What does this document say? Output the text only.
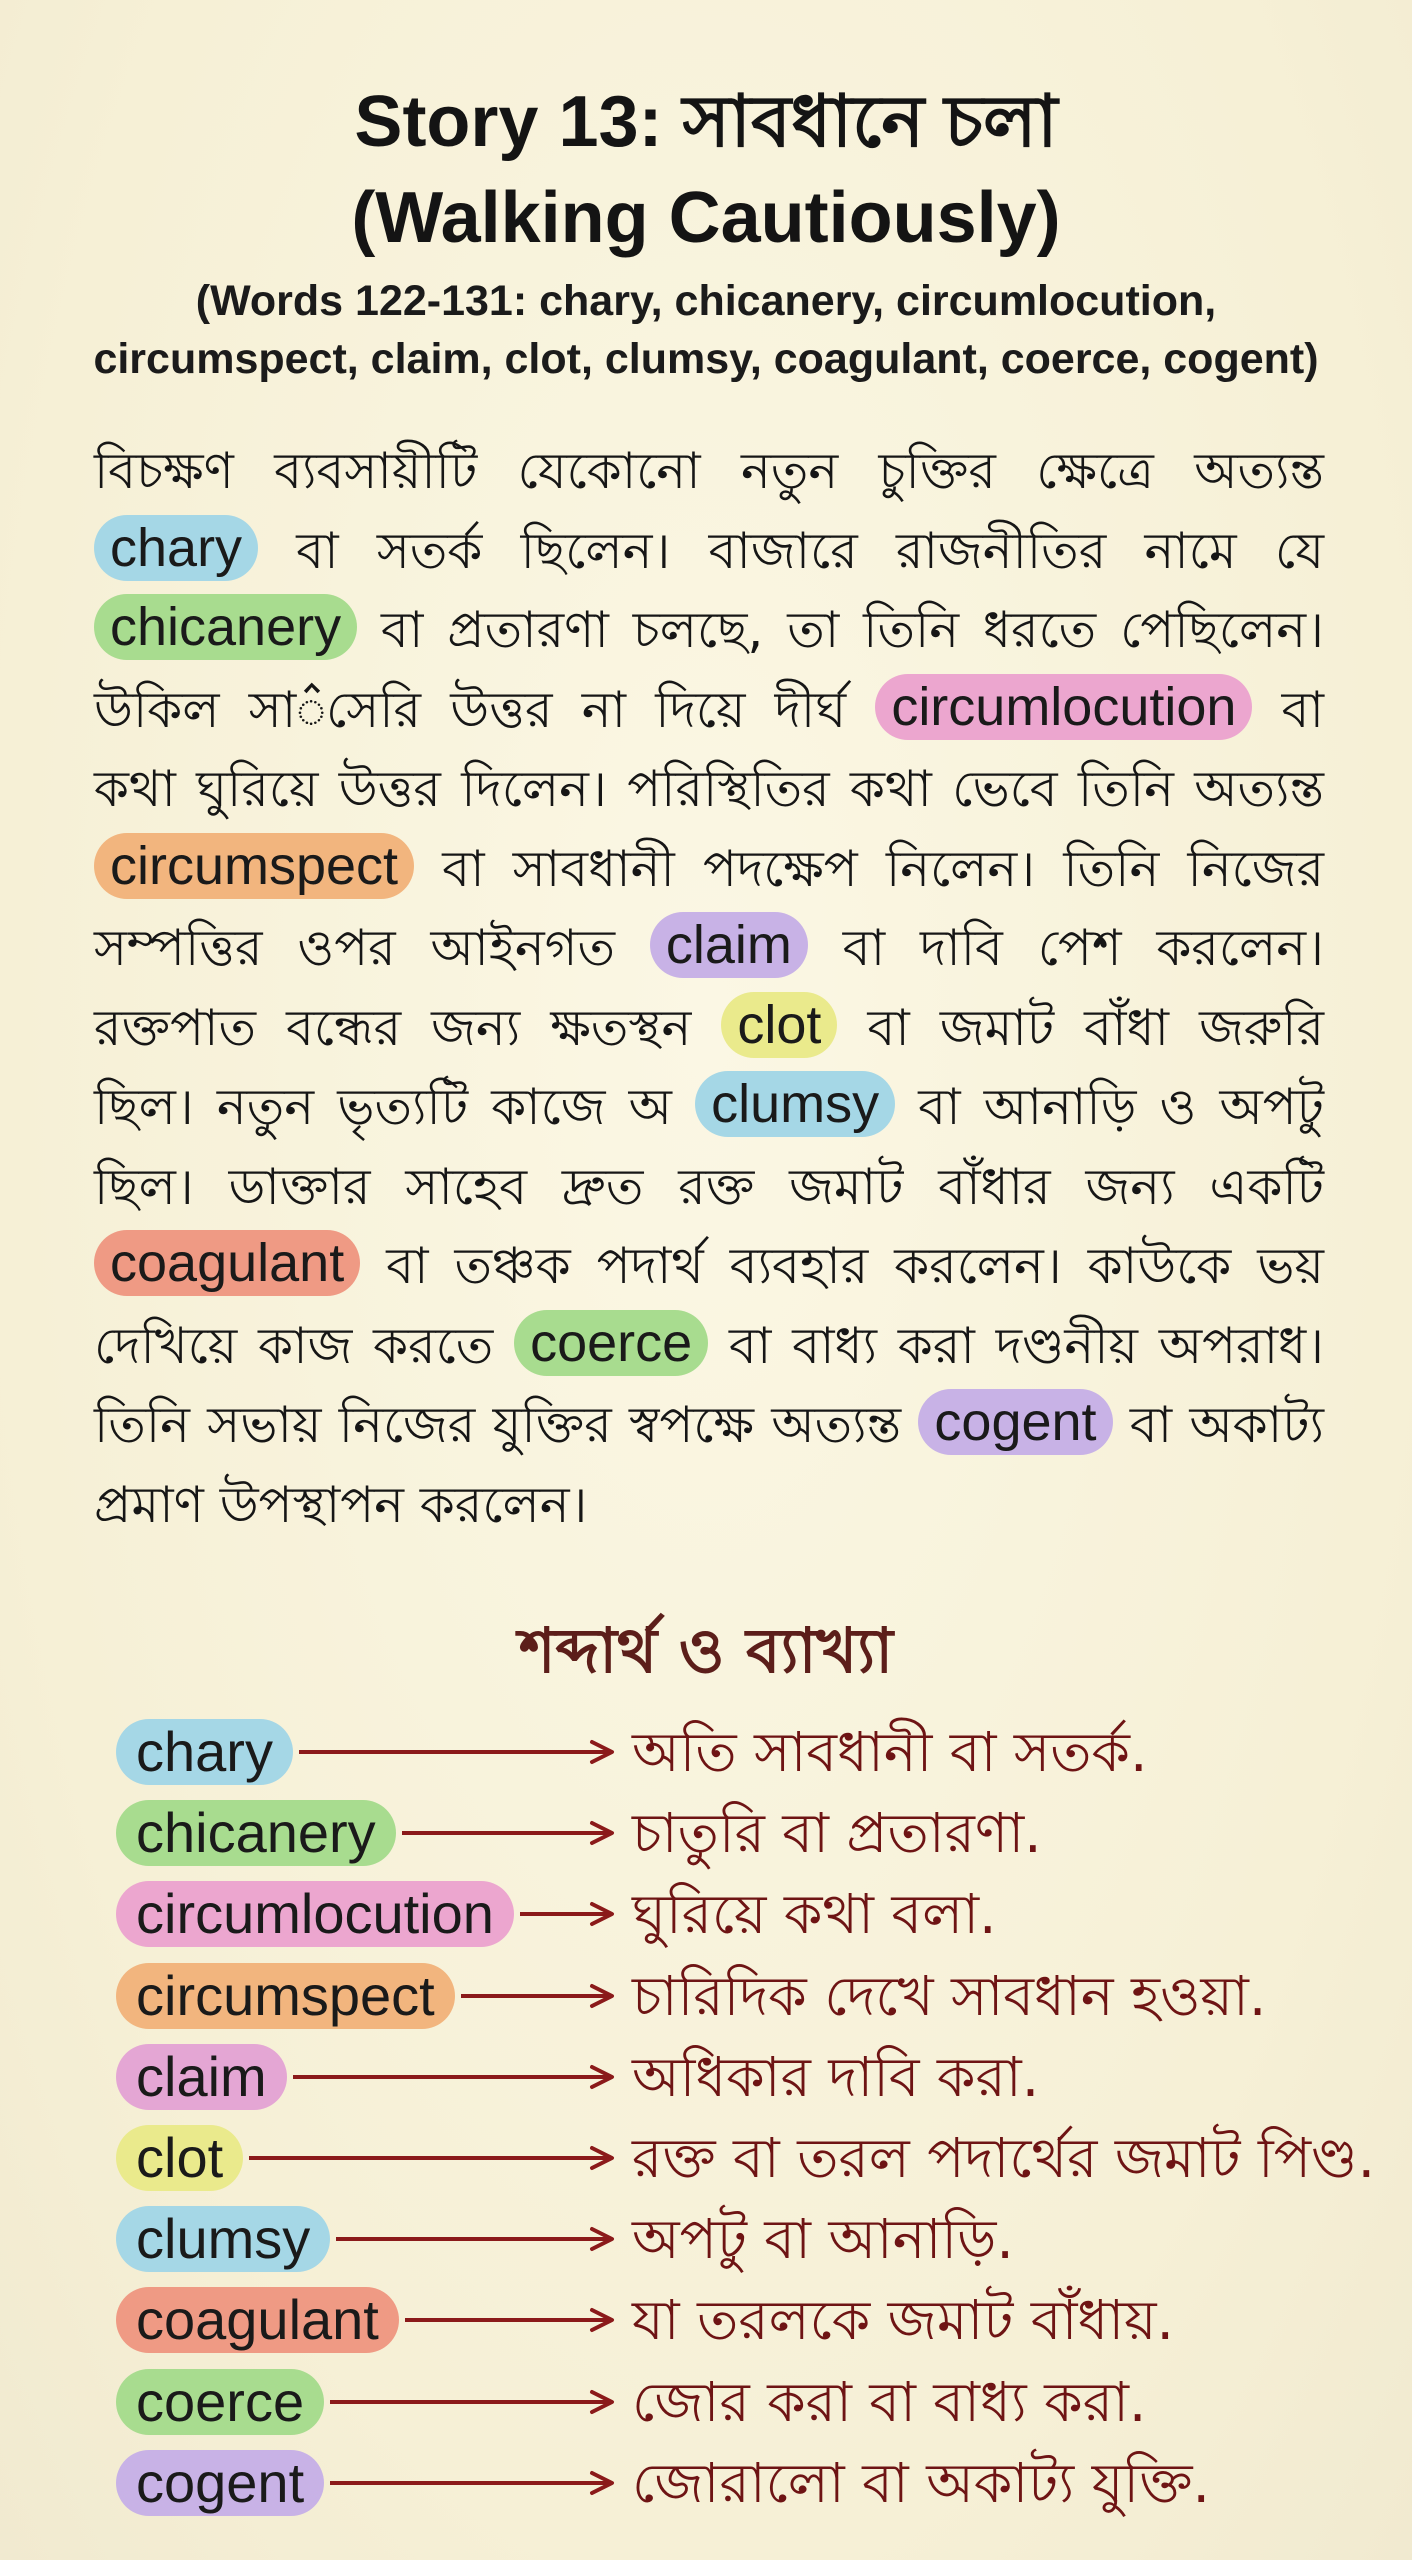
Story 13: সাবধানে চলা
(Walking Cautiously)
(Words 122-131: chary, chicanery, circumlocution,
circumspect, claim, clot, clumsy, coagulant, coerce, cogent)
বিচক্ষণ ব্যবসায়ীটি যেকোনো নতুন চুক্তির ক্ষেত্রে অত্যন্ত chary বা সতর্ক ছিলেন। বাজারে রাজনীতির নামে যে chicanery বা প্রতারণা চলছে, তা তিনি ধরতে পেছিলেন। উকিল সা꠆সেরি উত্তর না দিয়ে দীর্ঘ circumlocution বা কথা ঘুরিয়ে উত্তর দিলেন। পরিস্থিতির কথা ভেবে তিনি অত্যন্ত circumspect বা সাবধানী পদক্ষেপ নিলেন। তিনি নিজের সম্পত্তির ওপর আইনগত claim বা দাবি পেশ করলেন। রক্তপাত বন্ধের জন্য ক্ষতস্থন clot বা জমাট বাঁধা জরুরি ছিল। নতুন ভৃত্যটি কাজে অ clumsy বা আনাড়ি ও অপটু ছিল। ডাক্তার সাহেব দ্রুত রক্ত জমাট বাঁধার জন্য একটি coagulant বা তঞ্চক পদার্থ ব্যবহার করলেন। কাউকে ভয় দেখিয়ে কাজ করতে coerce বা বাধ্য করা দণ্ডনীয় অপরাধ। তিনি সভায় নিজের যুক্তির স্বপক্ষে অত্যন্ত cogent বা অকাট্য প্রমাণ উপস্থাপন করলেন।
শব্দার্থ ও ব্যাখ্যা
chary	অতি সাবধানী বা সতর্ক.
chicanery	চাতুরি বা প্রতারণা.
circumlocution	ঘুরিয়ে কথা বলা.
circumspect	চারিদিক দেখে সাবধান হওয়া.
claim	অধিকার দাবি করা.
clot	রক্ত বা তরল পদার্থের জমাট পিণ্ড.
clumsy	অপটু বা আনাড়ি.
coagulant	যা তরলকে জমাট বাঁধায়.
coerce	জোর করা বা বাধ্য করা.
cogent	জোরালো বা অকাট্য যুক্তি.
